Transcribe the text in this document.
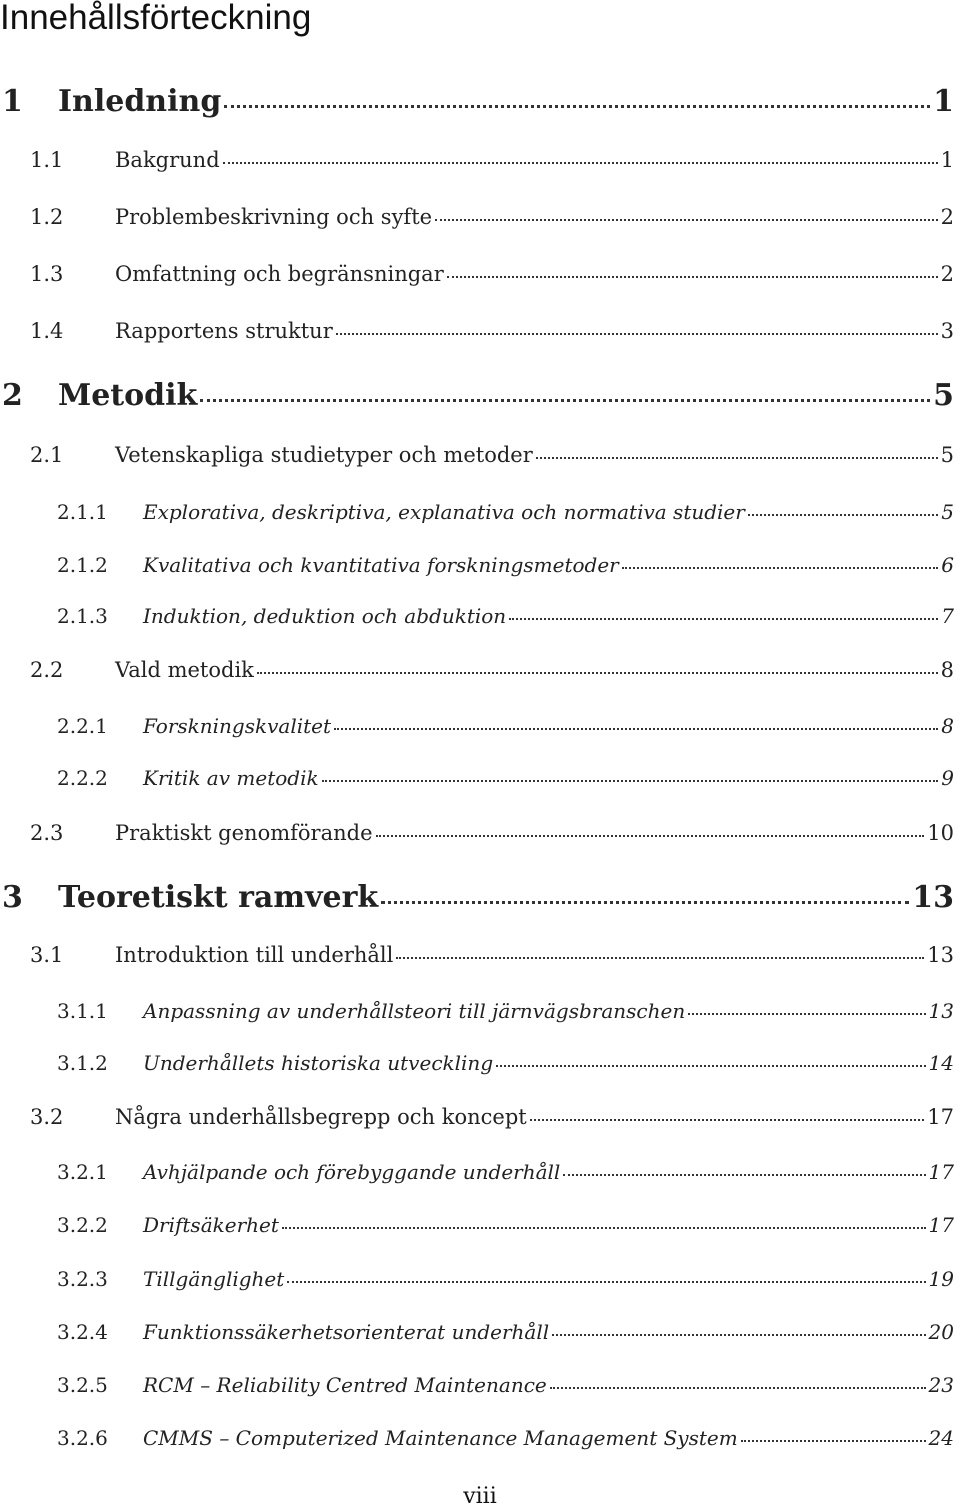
Innehållsförteckning
1 Inledning	1
1.1 Bakgrund	1
1.2 Problembeskrivning och syfte	2
1.3 Omfattning och begränsningar	2
1.4 Rapportens struktur	3
2 Metodik	5
2.1 Vetenskapliga studietyper och metoder	5
2.1.1 Explorativa, deskriptiva, explanativa och normativa studier	5
2.1.2 Kvalitativa och kvantitativa forskningsmetoder	6
2.1.3 Induktion, deduktion och abduktion	7
2.2 Vald metodik	8
2.2.1 Forskningskvalitet	8
2.2.2 Kritik av metodik	9
2.3 Praktiskt genomförande	10
3 Teoretiskt ramverk	13
3.1 Introduktion till underhåll	13
3.1.1 Anpassning av underhållsteori till järnvägsbranschen	13
3.1.2 Underhållets historiska utveckling	14
3.2 Några underhållsbegrepp och koncept	17
3.2.1 Avhjälpande och förebyggande underhåll	17
3.2.2 Driftsäkerhet	17
3.2.3 Tillgänglighet	19
3.2.4 Funktionssäkerhetsorienterat underhåll	20
3.2.5 RCM – Reliability Centred Maintenance	23
3.2.6 CMMS – Computerized Maintenance Management System	24
viii
